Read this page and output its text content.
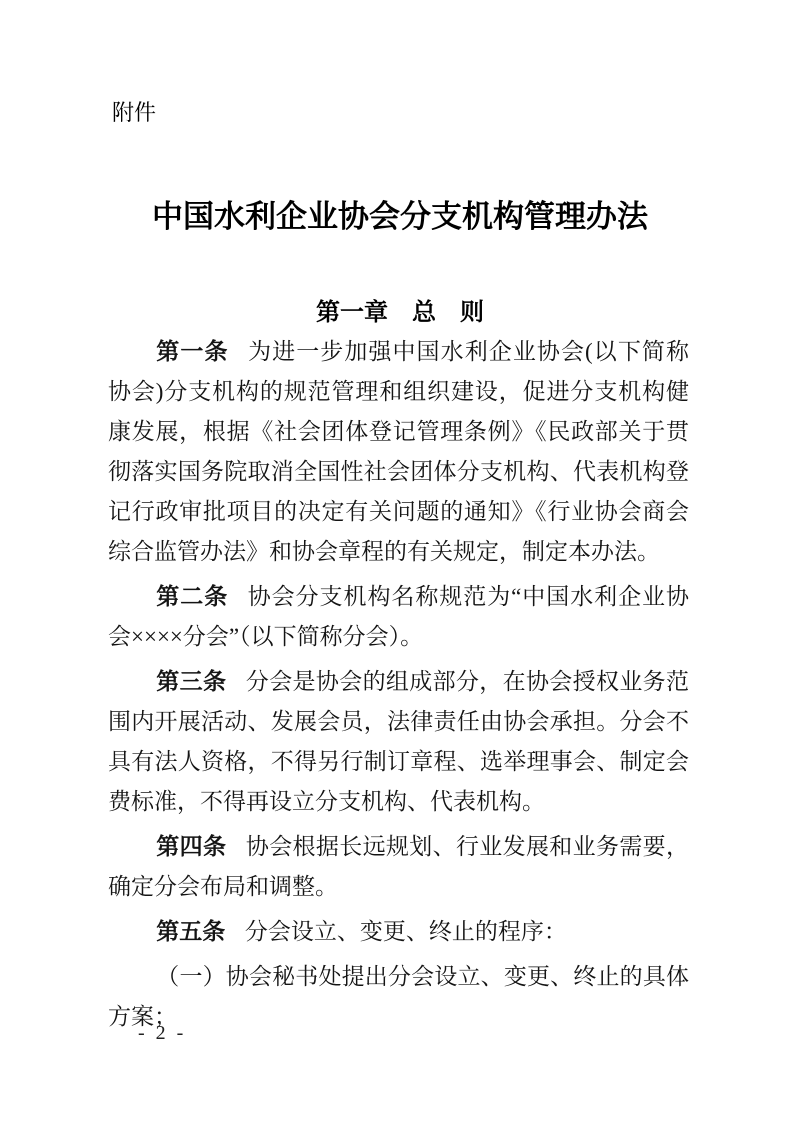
附件
中国水利企业协会分支机构管理办法
第一章　总　则

第一条 为进一步加强中国水利企业协会(以下简称协会)分支机构的规范管理和组织建设，促进分支机构健康发展，根据《社会团体登记管理条例》《民政部关于贯彻落实国务院取消全国性社会团体分支机构、代表机构登记行政审批项目的决定有关问题的通知》《行业协会商会综合监管办法》和协会章程的有关规定，制定本办法。

第二条 协会分支机构名称规范为“中国水利企业协会××××分会”（以下简称分会）。

第三条 分会是协会的组成部分，在协会授权业务范围内开展活动、发展会员，法律责任由协会承担。分会不具有法人资格，不得另行制订章程、选举理事会、制定会费标准，不得再设立分支机构、代表机构。

第四条 协会根据长远规划、行业发展和业务需要，确定分会布局和调整。

第五条 分会设立、变更、终止的程序：

（一）协会秘书处提出分会设立、变更、终止的具体方案；

- 2 -
